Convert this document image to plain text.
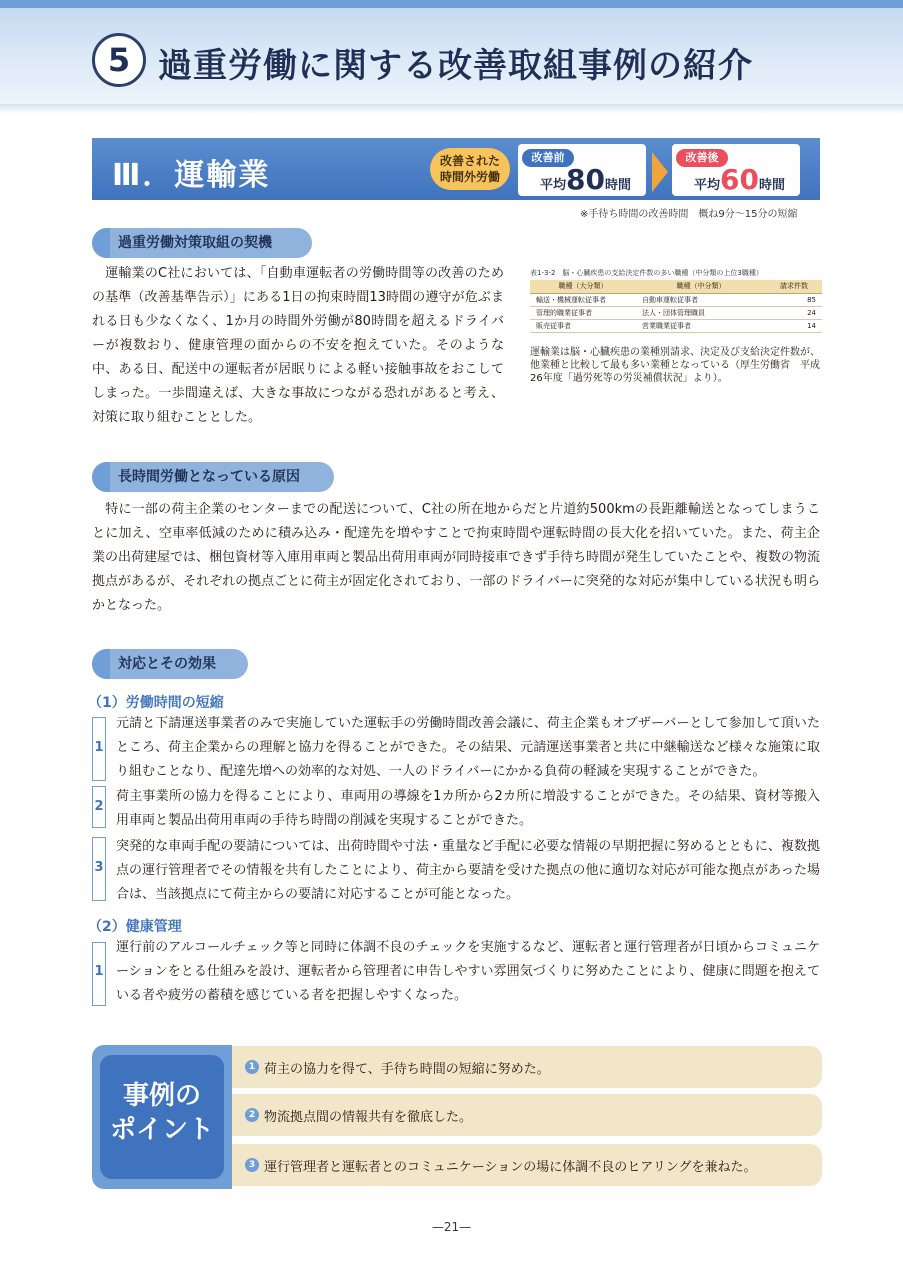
5 過重労働に関する改善取組事例の紹介
Ⅲ．運輸業	改善された
時間外労働
改善前
平均80時間
改善後
平均60時間
※手待ち時間の改善時間　概ね9分～15分の短縮
過重労働対策取組の契機
　運輸業のC社においては、「自動車運転者の労働時間等の改善のための基準（改善基準告示）」にある1日の拘束時間13時間の遵守が危ぶまれる日も少なくなく、1か月の時間外労働が80時間を超えるドライバーが複数おり、健康管理の面からの不安を抱えていた。そのような中、ある日、配送中の運転者が居眠りによる軽い接触事故をおこしてしまった。一歩間違えば、大きな事故につながる恐れがあると考え、対策に取り組むこととした。
表1-3-2　脳・心臓疾患の支給決定件数の多い職種（中分類の上位3職種）
職種（大分類）	職種（中分類）	請求件数
輸送・機械運転従事者	自動車運転従事者	85
管理的職業従事者	法人・団体管理職員	24
販売従事者	営業職業従事者	14
運輸業は脳・心臓疾患の業種別請求、決定及び支給決定件数が、他業種と比較して最も多い業種となっている（厚生労働省　平成26年度「過労死等の労災補償状況」より）。
長時間労働となっている原因
　特に一部の荷主企業のセンターまでの配送について、C社の所在地からだと片道約500kmの長距離輸送となってしまうことに加え、空車率低減のために積み込み・配達先を増やすことで拘束時間や運転時間の長大化を招いていた。また、荷主企業の出荷建屋では、梱包資材等入庫用車両と製品出荷用車両が同時接車できず手待ち時間が発生していたことや、複数の物流拠点があるが、それぞれの拠点ごとに荷主が固定化されており、一部のドライバーに突発的な対応が集中している状況も明らかとなった。
対応とその効果
（1）労働時間の短縮
1
元請と下請運送事業者のみで実施していた運転手の労働時間改善会議に、荷主企業もオブザーバーとして参加して頂いたところ、荷主企業からの理解と協力を得ることができた。その結果、元請運送事業者と共に中継輸送など様々な施策に取り組むことなり、配達先増への効率的な対処、一人のドライバーにかかる負荷の軽減を実現することができた。
2
荷主事業所の協力を得ることにより、車両用の導線を1カ所から2カ所に増設することができた。その結果、資材等搬入用車両と製品出荷用車両の手待ち時間の削減を実現することができた。
3
突発的な車両手配の要請については、出荷時間や寸法・重量など手配に必要な情報の早期把握に努めるとともに、複数拠点の運行管理者でその情報を共有したことにより、荷主から要請を受けた拠点の他に適切な対応が可能な拠点があった場合は、当該拠点にて荷主からの要請に対応することが可能となった。
（2）健康管理
1
運行前のアルコールチェック等と同時に体調不良のチェックを実施するなど、運転者と運行管理者が日頃からコミュニケーションをとる仕組みを設け、運転者から管理者に申告しやすい雰囲気づくりに努めたことにより、健康に問題を抱えている者や疲労の蓄積を感じている者を把握しやすくなった。
事例の
ポイント
1 荷主の協力を得て、手待ち時間の短縮に努めた。
2 物流拠点間の情報共有を徹底した。
3 運行管理者と運転者とのコミュニケーションの場に体調不良のヒアリングを兼ねた。
—21—
